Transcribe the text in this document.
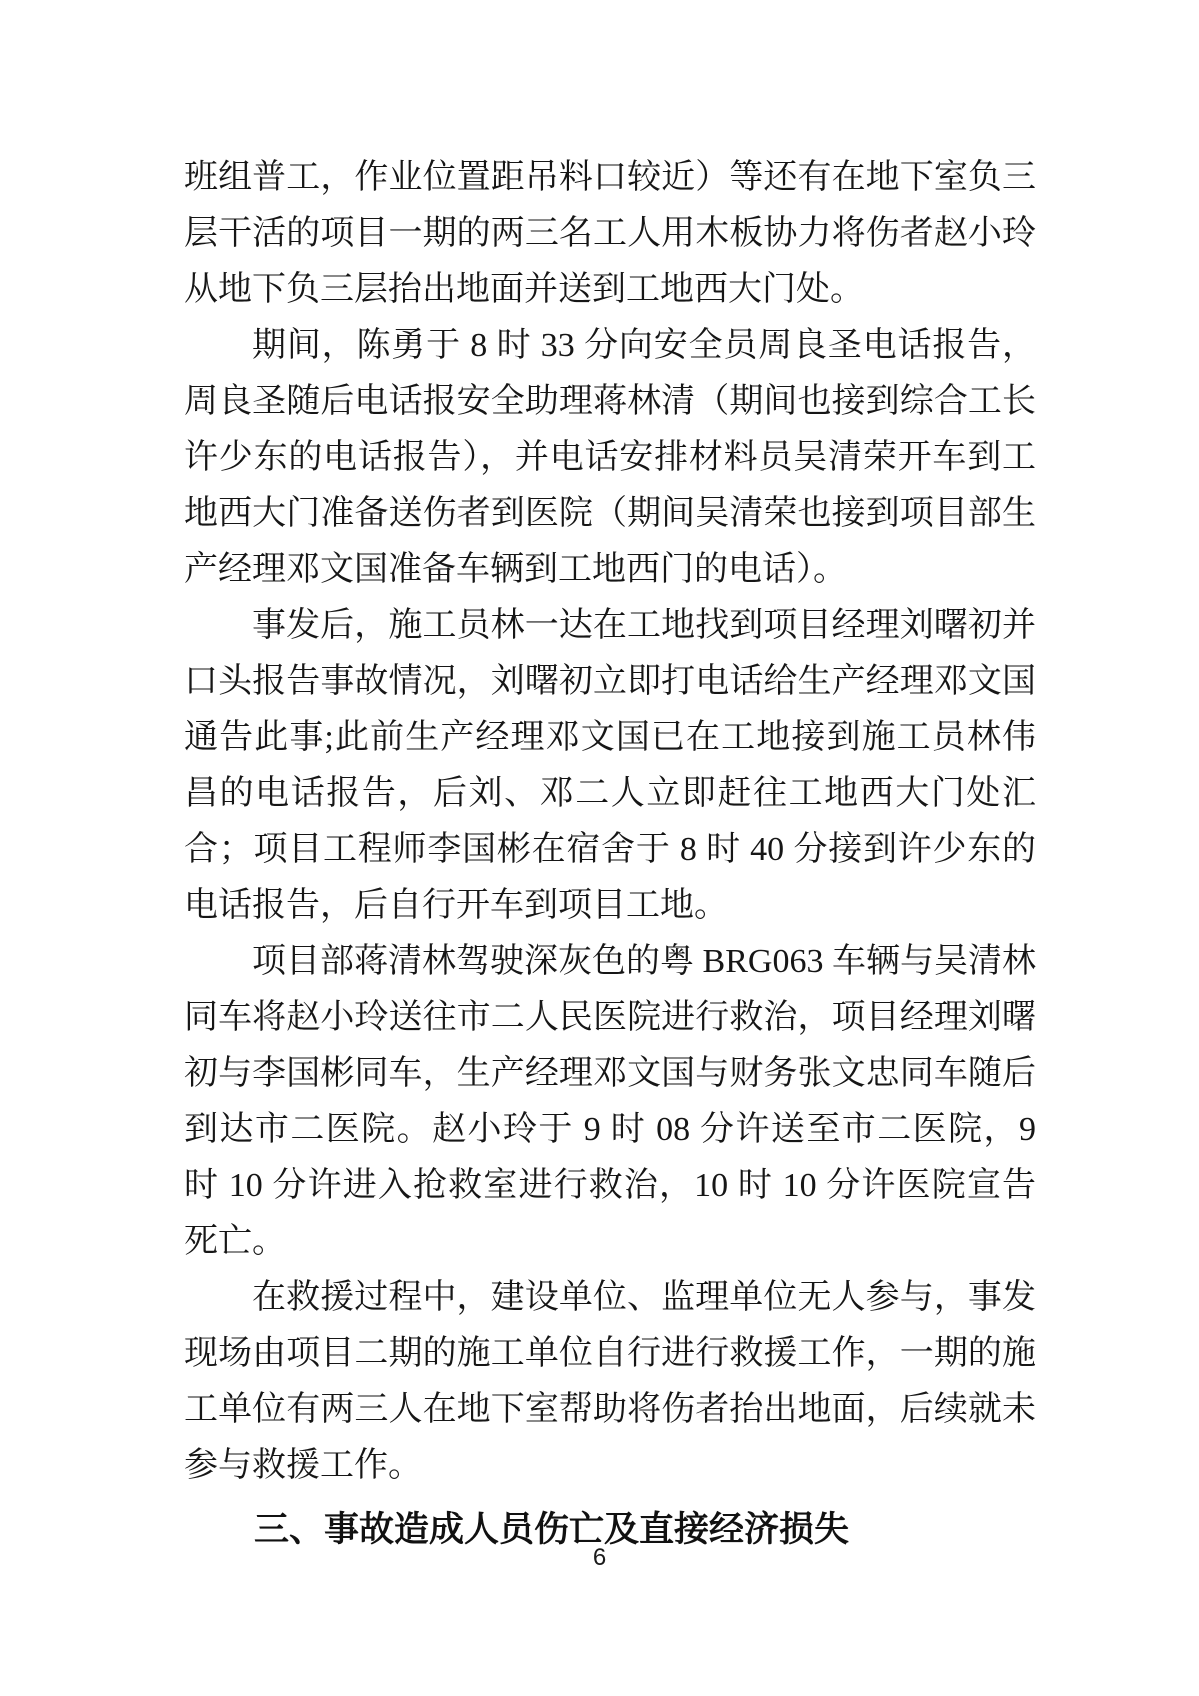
班组普工，作业位置距吊料口较近）等还有在地下室负三层干活的项目一期的两三名工人用木板协力将伤者赵小玲从地下负三层抬出地面并送到工地西大门处。

期间，陈勇于 8 时 33 分向安全员周良圣电话报告，周良圣随后电话报安全助理蒋林清（期间也接到综合工长许少东的电话报告），并电话安排材料员吴清荣开车到工地西大门准备送伤者到医院（期间吴清荣也接到项目部生产经理邓文国准备车辆到工地西门的电话）。

事发后，施工员林一达在工地找到项目经理刘曙初并口头报告事故情况，刘曙初立即打电话给生产经理邓文国通告此事;此前生产经理邓文国已在工地接到施工员林伟昌的电话报告，后刘、邓二人立即赶往工地西大门处汇合；项目工程师李国彬在宿舍于 8 时 40 分接到许少东的电话报告，后自行开车到项目工地。

项目部蒋清林驾驶深灰色的粤 BRG063 车辆与吴清林同车将赵小玲送往市二人民医院进行救治，项目经理刘曙初与李国彬同车，生产经理邓文国与财务张文忠同车随后到达市二医院。赵小玲于 9 时 08 分许送至市二医院，9 时 10 分许进入抢救室进行救治，10 时 10 分许医院宣告死亡。

在救援过程中，建设单位、监理单位无人参与，事发现场由项目二期的施工单位自行进行救援工作，一期的施工单位有两三人在地下室帮助将伤者抬出地面，后续就未参与救援工作。

三、事故造成人员伤亡及直接经济损失
6
